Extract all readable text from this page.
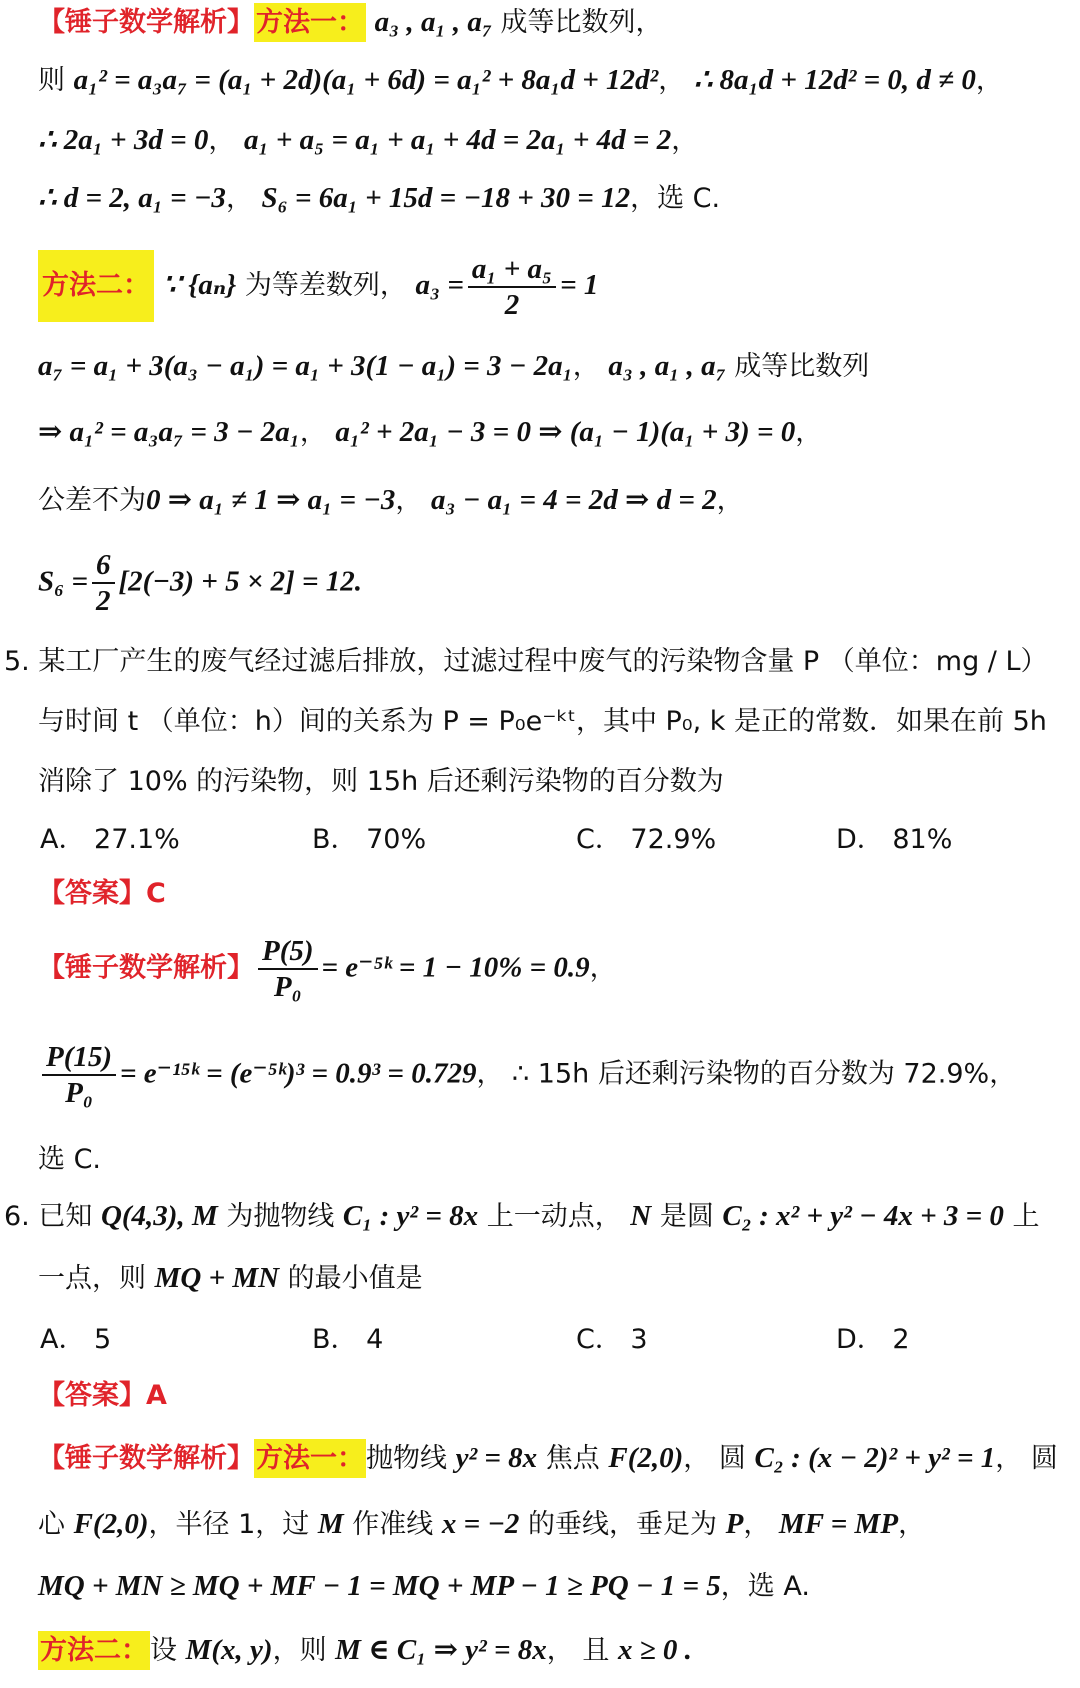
【锤子数学解析】方法一： a₃ , a₁ , a₇ 成等比数列，
则 a₁² = a₃a₇ = (a₁ + 2d)(a₁ + 6d) = a₁² + 8a₁d + 12d²， ∴ 8a₁d + 12d² = 0, d ≠ 0，
∴ 2a₁ + 3d = 0， a₁ + a₅ = a₁ + a₁ + 4d = 2a₁ + 4d = 2，
∴ d = 2, a₁ = −3， S₆ = 6a₁ + 15d = −18 + 30 = 12，选 C.
方法二： ∵ {aₙ} 为等差数列， $a_3 = \frac{\text{a₁ + a₅}}{2} = 1$
a₇ = a₁ + 3(a₃ − a₁) = a₁ + 3(1 − a₁) = 3 − 2a₁， a₃ , a₁ , a₇ 成等比数列
⇒ a₁² = a₃a₇ = 3 − 2a₁， a₁² + 2a₁ − 3 = 0 ⇒ (a₁ − 1)(a₁ + 3) = 0，
公差不为0 ⇒ a₁ ≠ 1 ⇒ a₁ = −3， a₃ − a₁ = 4 = 2d ⇒ d = 2，
$S_6 = \frac{6}{2} [2(-3) + 5 \times 2] = 12$.
5. 某工厂产生的废气经过滤后排放，过滤过程中废气的污染物含量 P （单位：mg / L）
与时间 t （单位：h）间的关系为 P = P₀e⁻ᵏᵗ，其中 P₀, k 是正的常数．如果在前 5h
消除了 10% 的污染物，则 15h 后还剩污染物的百分数为
A． 27.1%	B． 70%	C． 72.9%	D． 81%
【答案】C
【锤子数学解析】 $\frac{P(5)}{\text{P₀}}$ = e⁻⁵ᵏ = 1 − 10% = 0.9，
$\frac{P(15)}{\text{P₀}}$ = e⁻¹⁵ᵏ = (e⁻⁵ᵏ)³ = 0.9³ = 0.729， ∴ 15h 后还剩污染物的百分数为 72.9%，
选 C.
6. 已知 Q(4,3), M 为抛物线 C₁ : y² = 8x 上一动点， N 是圆 C₂ : x² + y² − 4x + 3 = 0 上
一点，则 MQ + MN 的最小值是
A． 5	B． 4	C． 3	D． 2
【答案】A
【锤子数学解析】方法一：抛物线 y² = 8x 焦点 F(2,0)， 圆 C₂ : (x − 2)² + y² = 1， 圆
心 F(2,0)，半径 1，过 M 作准线 x = −2 的垂线，垂足为 P， MF = MP，
MQ + MN ≥ MQ + MF − 1 = MQ + MP − 1 ≥ PQ − 1 = 5，选 A.
方法二：设 M(x, y)，则 M ∈ C₁ ⇒ y² = 8x， 且 x ≥ 0 .
